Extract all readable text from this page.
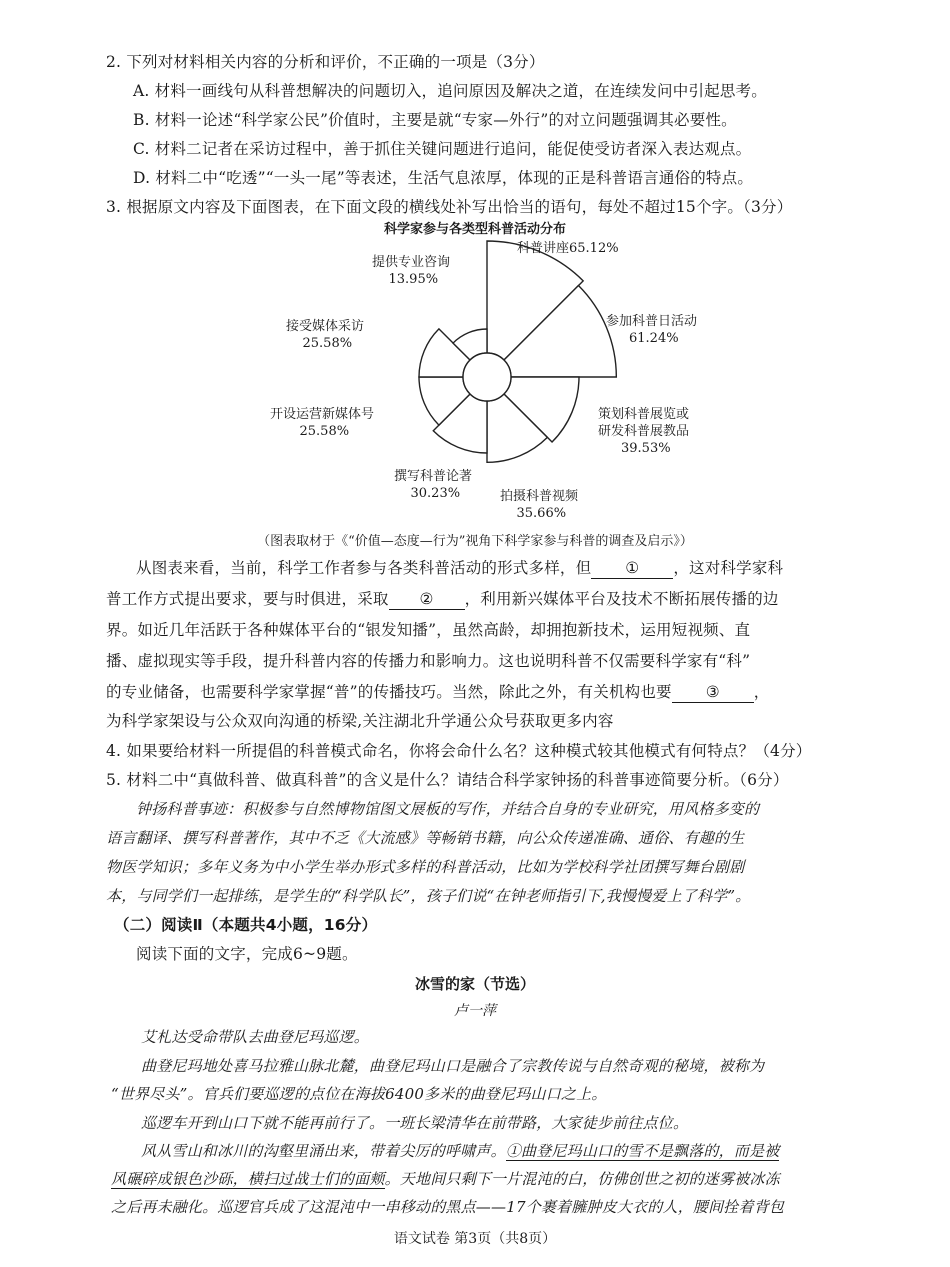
2. 下列对材料相关内容的分析和评价，不正确的一项是（3分）
A. 材料一画线句从科普想解决的问题切入，追问原因及解决之道，在连续发问中引起思考。
B. 材料一论述“科学家公民”价值时，主要是就“专家—外行”的对立问题强调其必要性。
C. 材料二记者在采访过程中，善于抓住关键问题进行追问，能促使受访者深入表达观点。
D. 材料二中“吃透”“一头一尾”等表述，生活气息浓厚，体现的正是科普语言通俗的特点。
3. 根据原文内容及下面图表，在下面文段的横线处补写出恰当的语句，每处不超过15个字。（3分）
科学家参与各类型科普活动分布
科普讲座65.12%
参加科普日活动 61.24%
策划科普展览或研发科普展教品 39.53%
拍摄科普视频 35.66%
撰写科普论著 30.23%
开设运营新媒体号 25.58%
接受媒体采访 25.58%
提供专业咨询 13.95%
（图表取材于《“价值—态度—行为”视角下科学家参与科普的调查及启示》）
从图表来看，当前，科学工作者参与各类科普活动的形式多样，但 ① ，这对科学家科
普工作方式提出要求，要与时俱进，采取 ② ，利用新兴媒体平台及技术不断拓展传播的边
界。如近几年活跃于各种媒体平台的“银发知播”，虽然高龄，却拥抱新技术，运用短视频、直
播、虚拟现实等手段，提升科普内容的传播力和影响力。这也说明科普不仅需要科学家有“科”
的专业储备，也需要科学家掌握“普”的传播技巧。当然，除此之外，有关机构也要 ③ ，
为科学家架设与公众双向沟通的桥梁,关注湖北升学通公众号获取更多内容
4. 如果要给材料一所提倡的科普模式命名，你将会命什么名？这种模式较其他模式有何特点？（4分）
5. 材料二中“真做科普、做真科普”的含义是什么？请结合科学家钟扬的科普事迹简要分析。（6分）
钟扬科普事迹：积极参与自然博物馆图文展板的写作，并结合自身的专业研究，用风格多变的
语言翻译、撰写科普著作，其中不乏《大流感》等畅销书籍，向公众传递准确、通俗、有趣的生
物医学知识；多年义务为中小学生举办形式多样的科普活动，比如为学校科学社团撰写舞台剧剧
本，与同学们一起排练，是学生的“科学队长”，孩子们说“在钟老师指引下,我慢慢爱上了科学”。
（二）阅读Ⅱ（本题共4小题，16分）
阅读下面的文字，完成6~9题。
冰雪的家（节选）
卢一萍
艾札达受命带队去曲登尼玛巡逻。
曲登尼玛地处喜马拉雅山脉北麓，曲登尼玛山口是融合了宗教传说与自然奇观的秘境，被称为
“世界尽头”。官兵们要巡逻的点位在海拔6400多米的曲登尼玛山口之上。
巡逻车开到山口下就不能再前行了。一班长梁清华在前带路，大家徒步前往点位。
风从雪山和冰川的沟壑里涌出来，带着尖厉的呼啸声。①曲登尼玛山口的雪不是飘落的，而是被
风碾碎成银色沙砾，横扫过战士们的面颊。天地间只剩下一片混沌的白，仿佛创世之初的迷雾被冰冻
之后再未融化。巡逻官兵成了这混沌中一串移动的黑点——17个裹着臃肿皮大衣的人，腰间拴着背包
语文试卷 第3页（共8页）
